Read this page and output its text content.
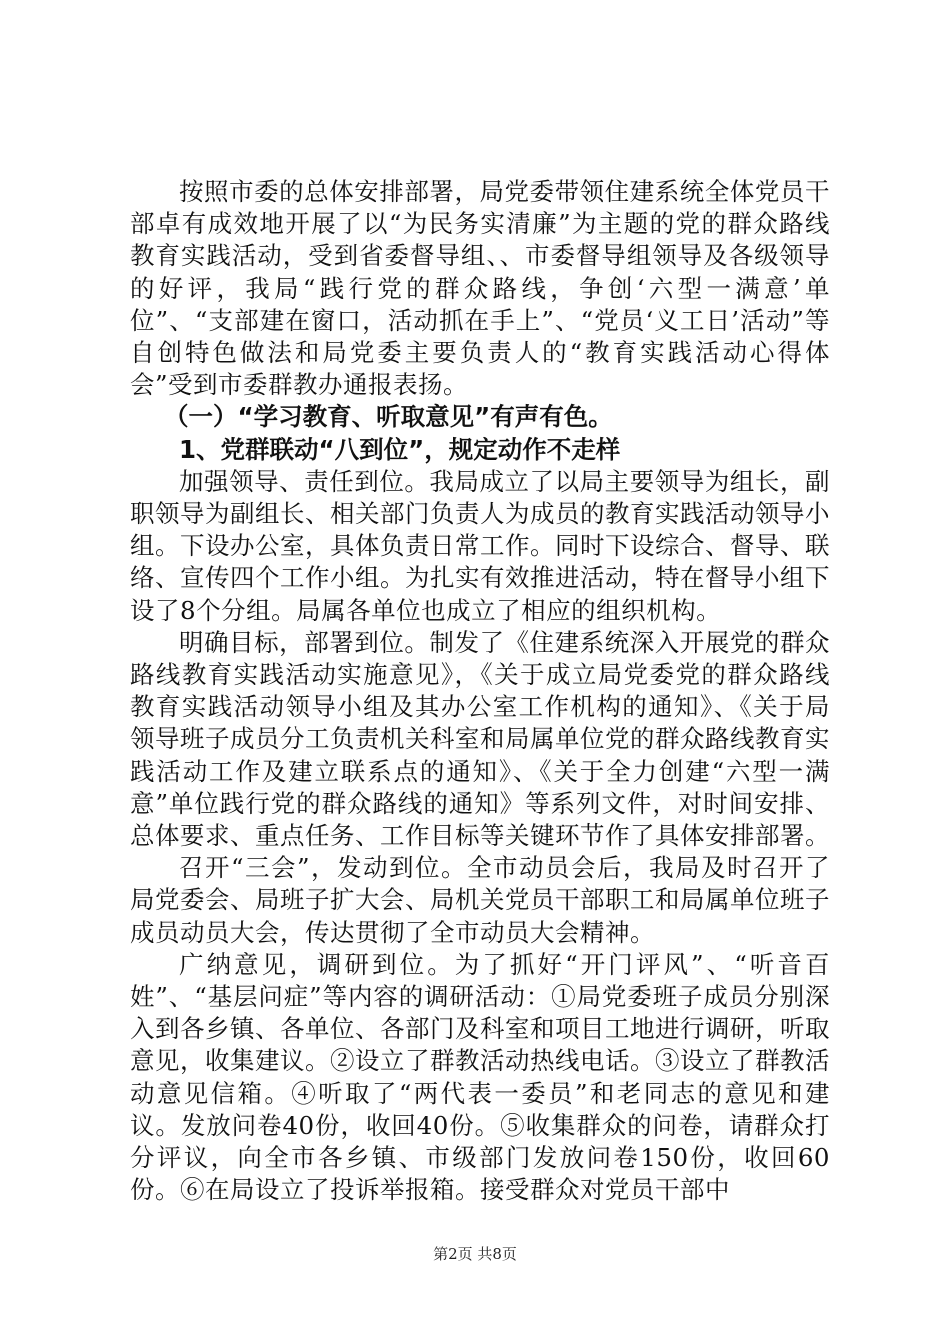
按照市委的总体安排部署，局党委带领住建系统全体党员干部卓有成效地开展了以“为民务实清廉”为主题的党的群众路线教育实践活动，受到省委督导组、、市委督导组领导及各级领导的好评，我局“践行党的群众路线，争创‘六型一满意’单位”、“支部建在窗口，活动抓在手上”、“党员‘义工日’活动”等自创特色做法和局党委主要负责人的“教育实践活动心得体会”受到市委群教办通报表扬。

（一）“学习教育、听取意见”有声有色。

1、党群联动“八到位”，规定动作不走样

加强领导、责任到位。我局成立了以局主要领导为组长，副职领导为副组长、相关部门负责人为成员的教育实践活动领导小组。下设办公室，具体负责日常工作。同时下设综合、督导、联络、宣传四个工作小组。为扎实有效推进活动，特在督导小组下设了8个分组。局属各单位也成立了相应的组织机构。

明确目标，部署到位。制发了《住建系统深入开展党的群众路线教育实践活动实施意见》，《关于成立局党委党的群众路线教育实践活动领导小组及其办公室工作机构的通知》、《关于局领导班子成员分工负责机关科室和局属单位党的群众路线教育实践活动工作及建立联系点的通知》、《关于全力创建“六型一满意”单位践行党的群众路线的通知》等系列文件，对时间安排、总体要求、重点任务、工作目标等关键环节作了具体安排部署。

召开“三会”，发动到位。全市动员会后，我局及时召开了局党委会、局班子扩大会、局机关党员干部职工和局属单位班子成员动员大会，传达贯彻了全市动员大会精神。

广纳意见，调研到位。为了抓好“开门评风”、“听音百姓”、“基层问症”等内容的调研活动：①局党委班子成员分别深入到各乡镇、各单位、各部门及科室和项目工地进行调研，听取意见，收集建议。②设立了群教活动热线电话。③设立了群教活动意见信箱。④听取了“两代表一委员”和老同志的意见和建议。发放问卷40份，收回40份。⑤收集群众的问卷，请群众打分评议，向全市各乡镇、市级部门发放问卷150份，收回60份。⑥在局设立了投诉举报箱。接受群众对党员干部中

第2页 共8页
